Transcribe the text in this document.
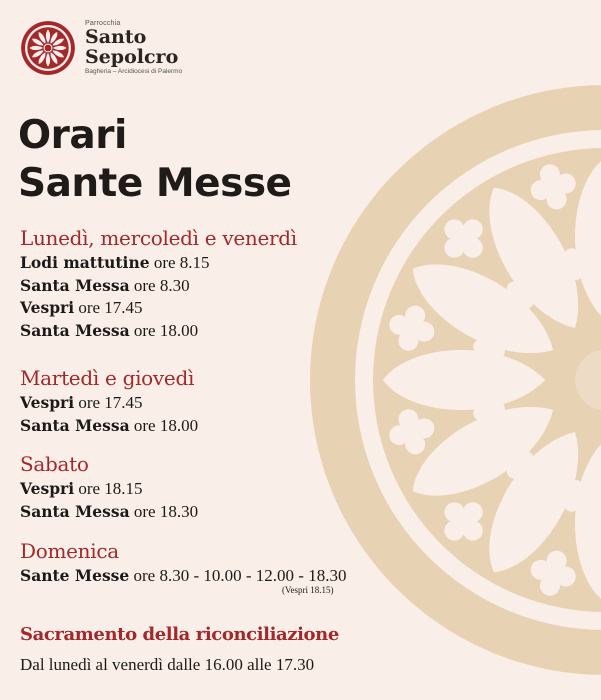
Parrocchia
Santo
Sepolcro
Bagheria – Arcidiocesi di Palermo
Orari
Sante Messe
Lunedì, mercoledì e venerdì
Lodi mattutine ore 8.15
Santa Messa ore 8.30
Vespri ore 17.45
Santa Messa ore 18.00
Martedì e giovedì
Vespri ore 17.45
Santa Messa ore 18.00
Sabato
Vespri ore 18.15
Santa Messa ore 18.30
Domenica
Sante Messe ore 8.30 - 10.00 - 12.00 - 18.30
(Vespri 18.15)
Sacramento della riconciliazione
Dal lunedì al venerdì dalle 16.00 alle 17.30
